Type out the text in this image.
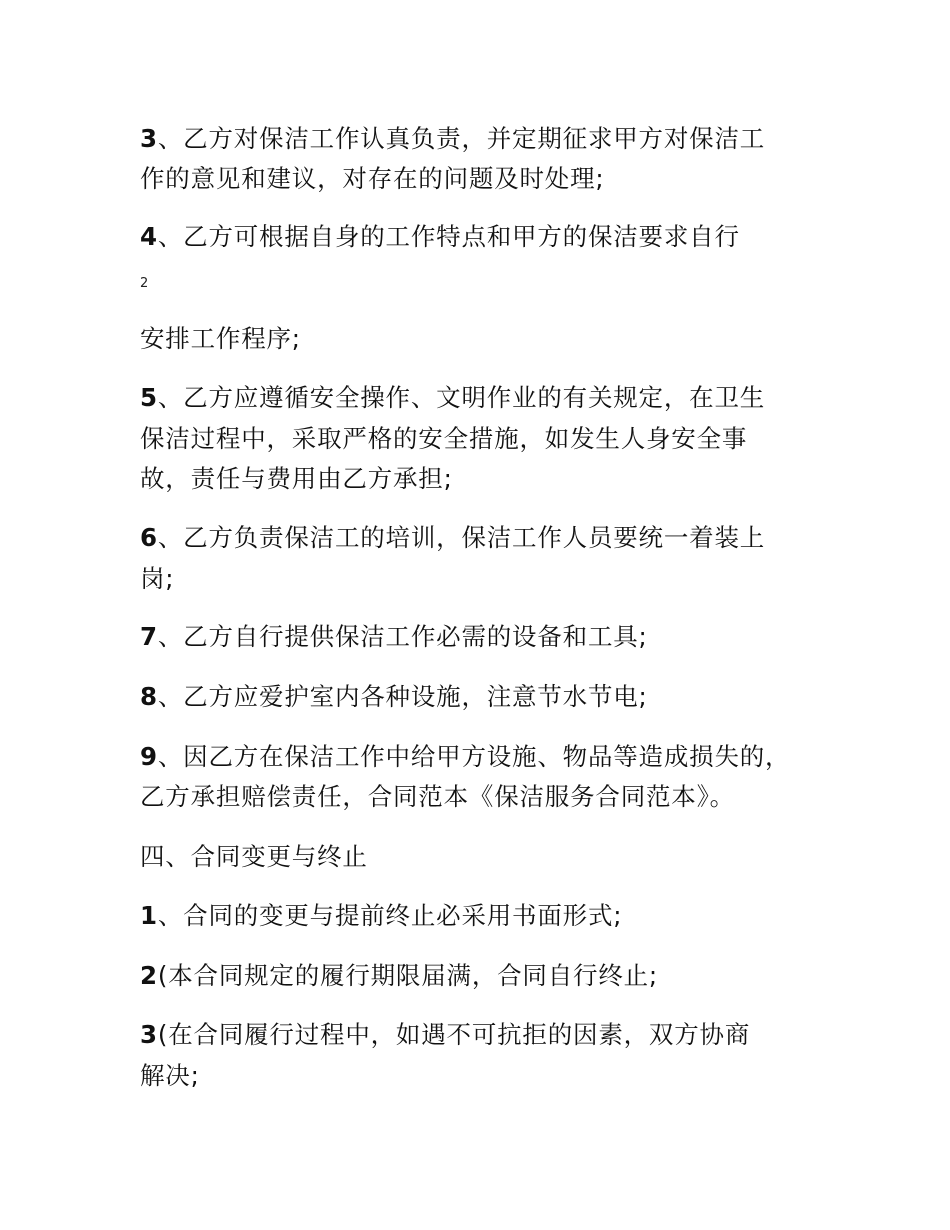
3、乙方对保洁工作认真负责，并定期征求甲方对保洁工
作的意见和建议，对存在的问题及时处理;
4、乙方可根据自身的工作特点和甲方的保洁要求自行
2
安排工作程序;
5、乙方应遵循安全操作、文明作业的有关规定，在卫生
保洁过程中，采取严格的安全措施，如发生人身安全事
故，责任与费用由乙方承担;
6、乙方负责保洁工的培训，保洁工作人员要统一着装上
岗;
7、乙方自行提供保洁工作必需的设备和工具;
8、乙方应爱护室内各种设施，注意节水节电;
9、因乙方在保洁工作中给甲方设施、物品等造成损失的，
乙方承担赔偿责任，合同范本《保洁服务合同范本》。
四、合同变更与终止
1、合同的变更与提前终止必采用书面形式;
2(本合同规定的履行期限届满，合同自行终止;
3(在合同履行过程中，如遇不可抗拒的因素，双方协商
解决;
